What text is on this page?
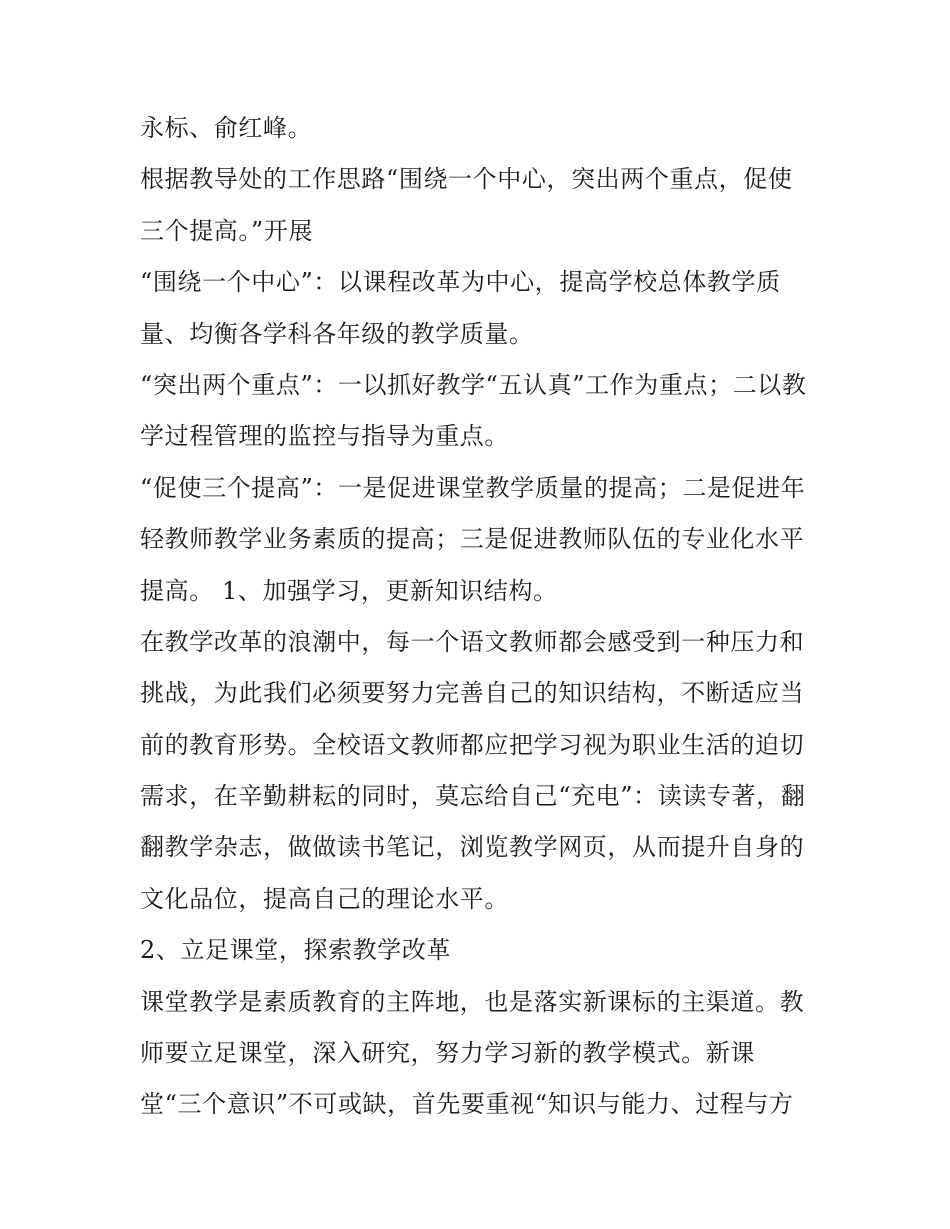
永标、俞红峰。
根据教导处的工作思路“围绕一个中心，突出两个重点，促使
三个提高。”开展
“围绕一个中心”：以课程改革为中心，提高学校总体教学质
量、均衡各学科各年级的教学质量。
“突出两个重点”：一以抓好教学“五认真”工作为重点；二以教
学过程管理的监控与指导为重点。
“促使三个提高”：一是促进课堂教学质量的提高；二是促进年
轻教师教学业务素质的提高；三是促进教师队伍的专业化水平
提高。 1、加强学习，更新知识结构。
在教学改革的浪潮中，每一个语文教师都会感受到一种压力和
挑战，为此我们必须要努力完善自己的知识结构，不断适应当
前的教育形势。全校语文教师都应把学习视为职业生活的迫切
需求，在辛勤耕耘的同时，莫忘给自己“充电”：读读专著，翻
翻教学杂志，做做读书笔记，浏览教学网页，从而提升自身的
文化品位，提高自己的理论水平。
2、立足课堂，探索教学改革
课堂教学是素质教育的主阵地，也是落实新课标的主渠道。教
师要立足课堂，深入研究，努力学习新的教学模式。新课
堂“三个意识”不可或缺，首先要重视“知识与能力、过程与方
